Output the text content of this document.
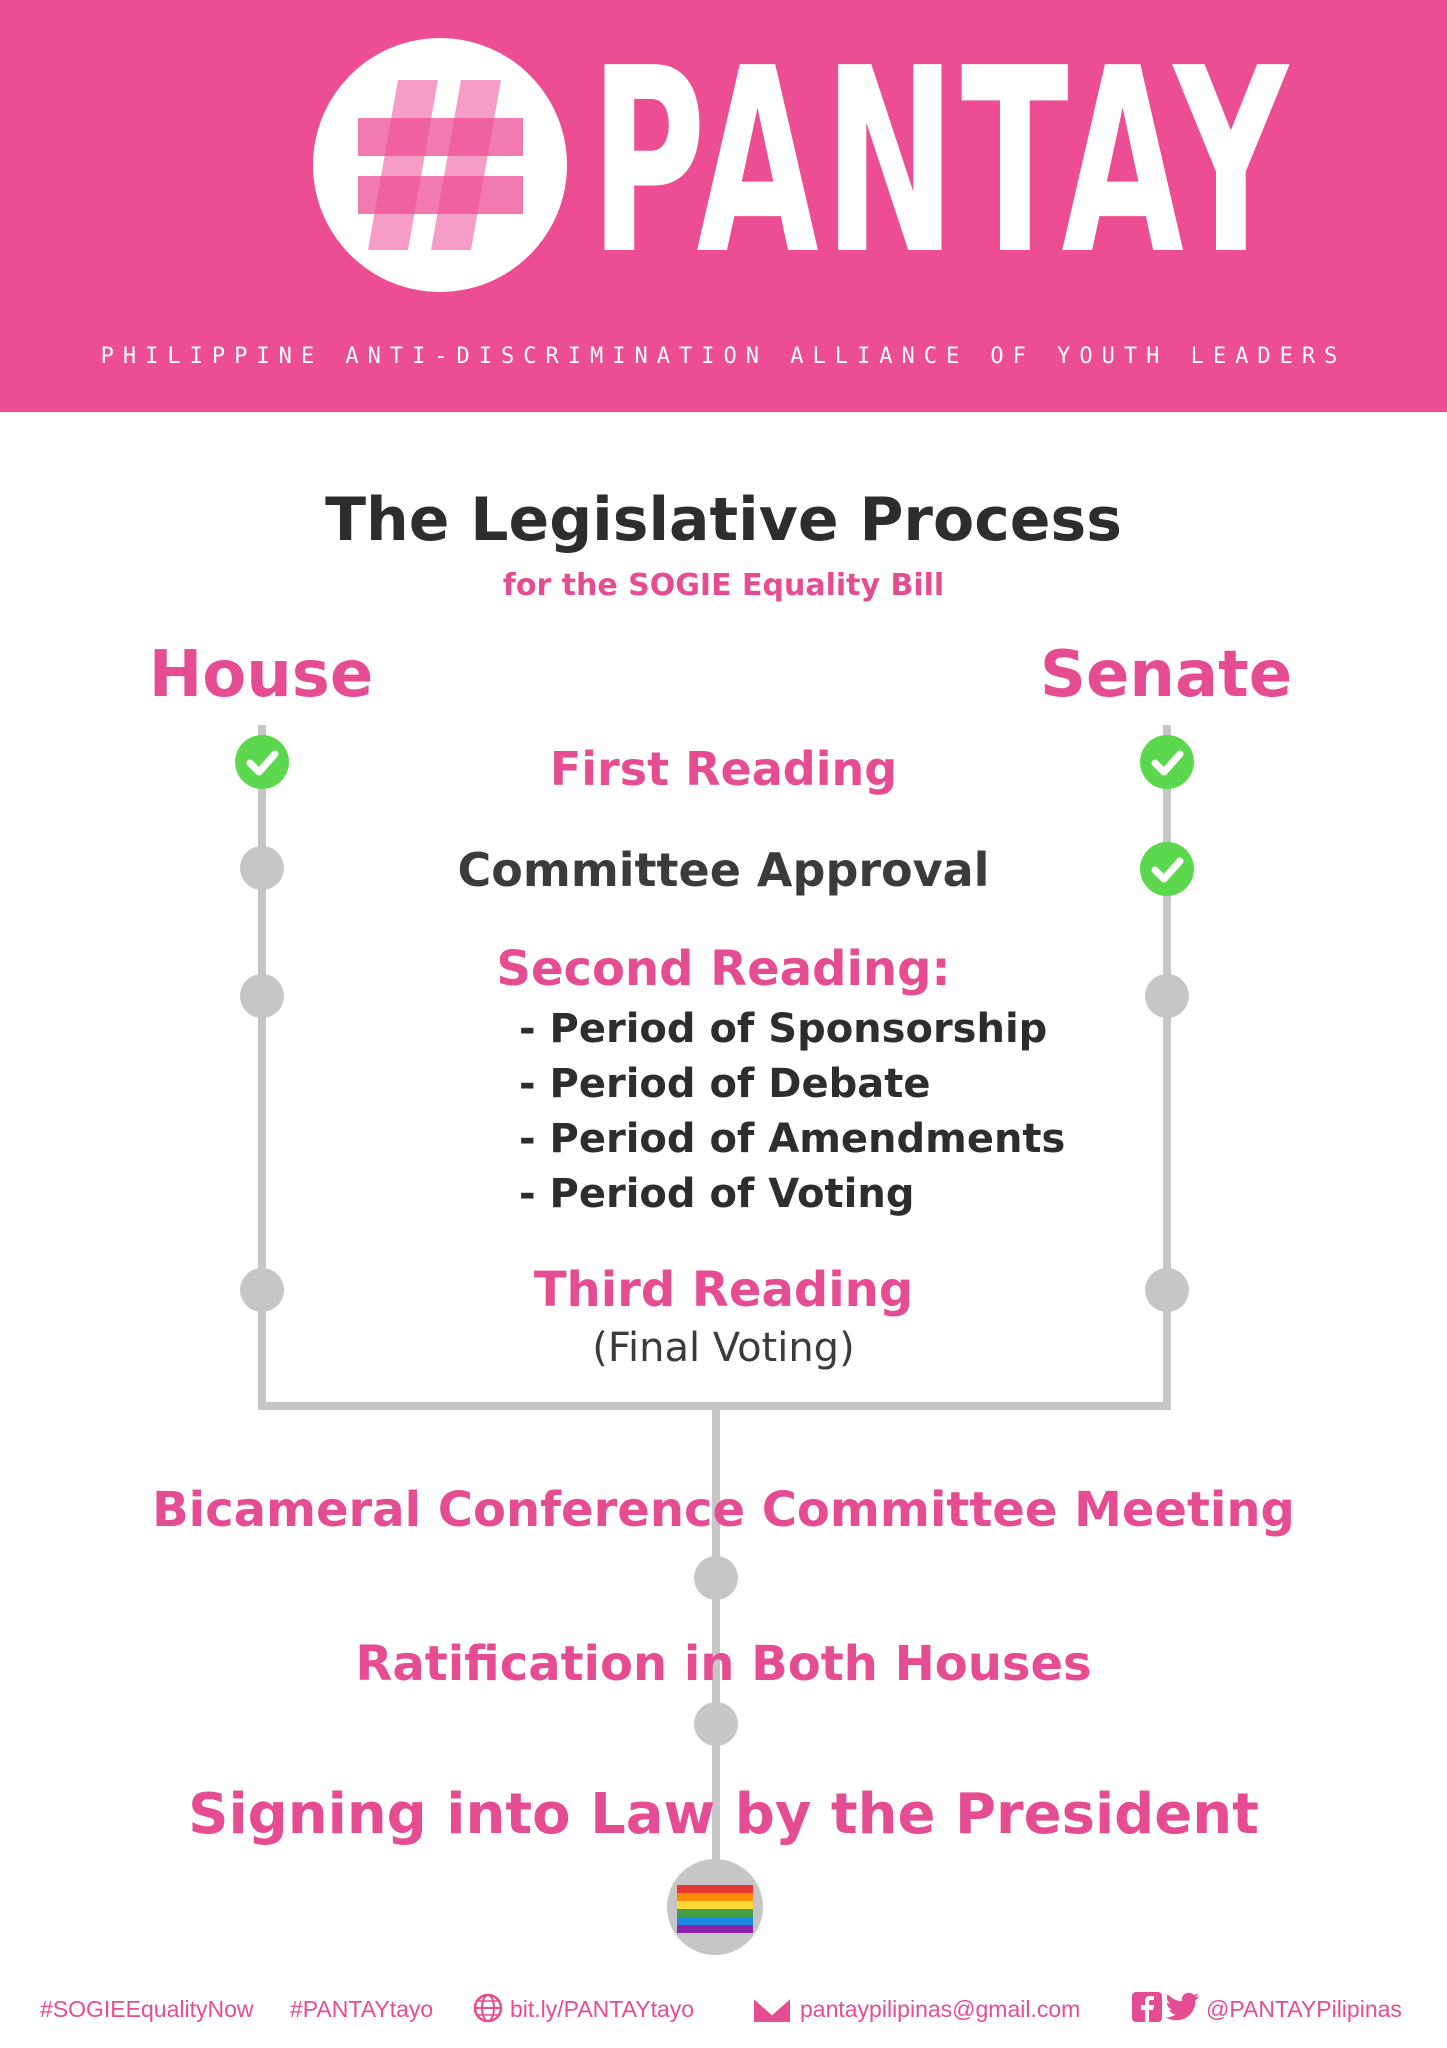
PANTAY
PHILIPPINE ANTI-DISCRIMINATION ALLIANCE OF YOUTH LEADERS
The Legislative Process
for the SOGIE Equality Bill
House	Senate
First Reading
Committee Approval
Second Reading:
- Period of Sponsorship
- Period of Debate
- Period of Amendments
- Period of Voting
Third Reading
(Final Voting)
Bicameral Conference Committee Meeting
Ratification in Both Houses
Signing into Law by the President
#SOGIEEqualityNow #PANTAYtayo	bit.ly/PANTAYtayo	pantaypilipinas@gmail.com	@PANTAYPilipinas
